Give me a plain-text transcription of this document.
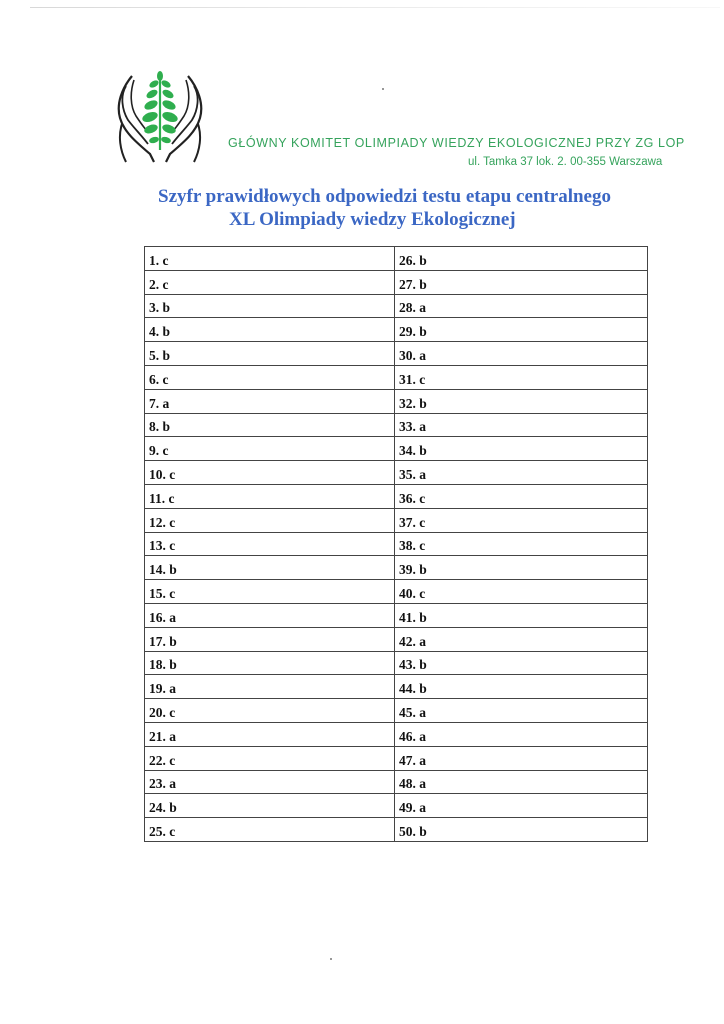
GŁÓWNY KOMITET OLIMPIADY WIEDZY EKOLOGICZNEJ PRZY ZG LOP
ul. Tamka 37 lok. 2. 00-355 Warszawa
Szyfr prawidłowych odpowiedzi testu etapu centralnego
XL Olimpiady wiedzy Ekologicznej
1. c	26. b
2. c	27. b
3. b	28. a
4. b	29. b
5. b	30. a
6. c	31. c
7. a	32. b
8. b	33. a
9. c	34. b
10. c	35. a
11. c	36. c
12. c	37. c
13. c	38. c
14. b	39. b
15. c	40. c
16. a	41. b
17. b	42. a
18. b	43. b
19. a	44. b
20. c	45. a
21. a	46. a
22. c	47. a
23. a	48. a
24. b	49. a
25. c	50. b
